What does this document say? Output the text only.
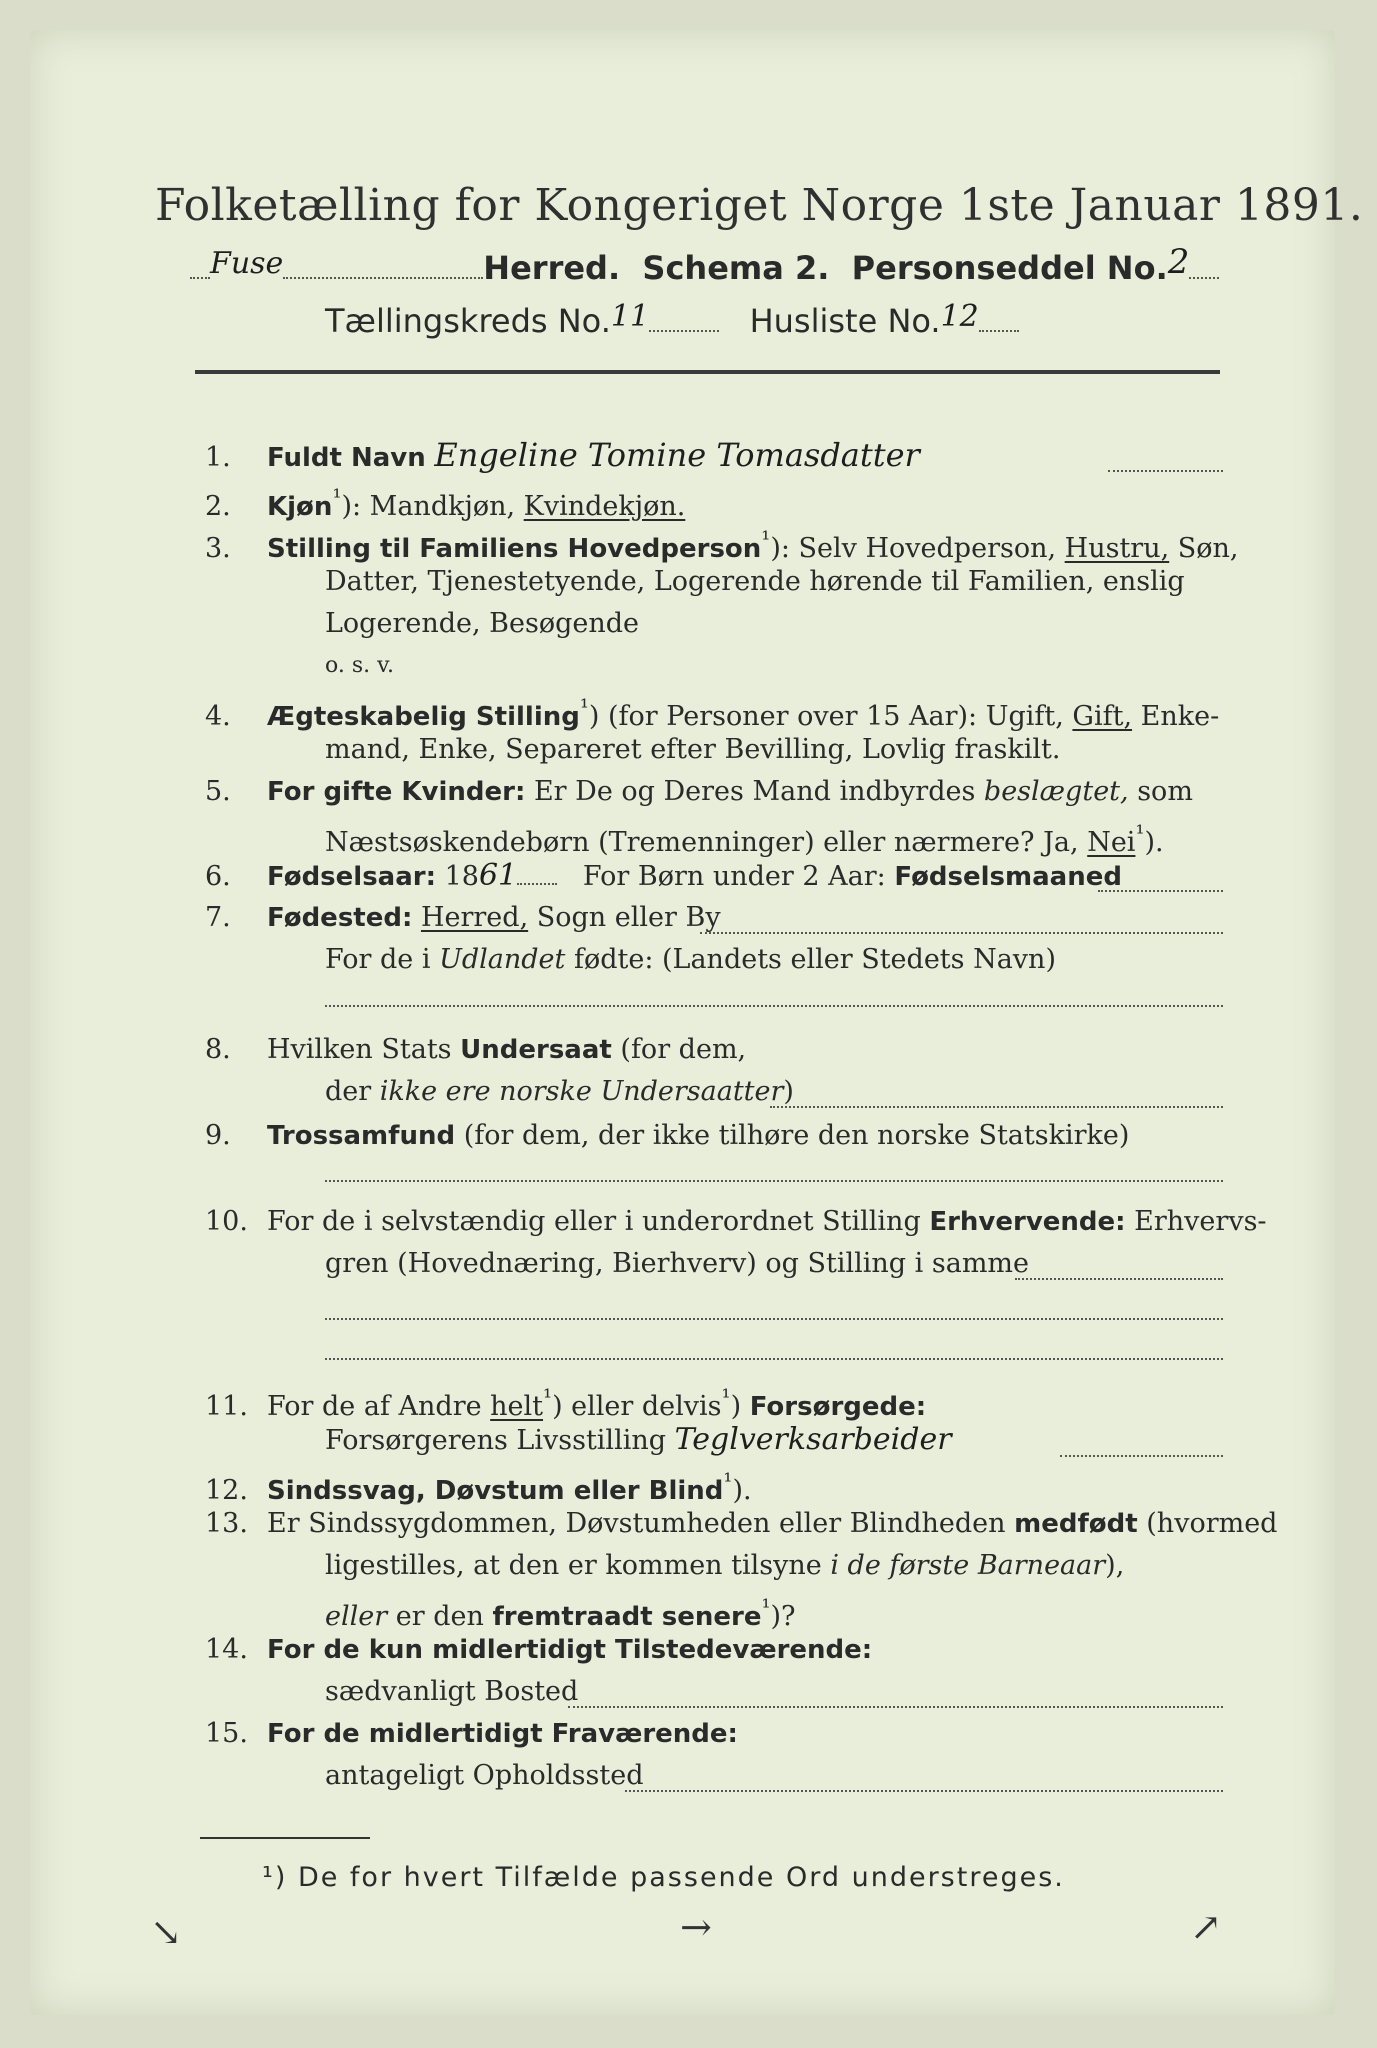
Folketælling for Kongeriget Norge 1ste Januar 1891.
Fuse	Herred. Schema 2. Personseddel No.2
Tællingskreds No.11	Husliste No.12
1. Fuldt Navn Engeline Tomine Tomasdatter
2. Kjøn$^{^1}$): Mandkjøn, Kvindekjøn.
3. Stilling til Familiens Hovedperson$^{^1}$): Selv Hovedperson, Hustru, Søn,
Datter, Tjenestetyende, Logerende hørende til Familien, enslig
Logerende, Besøgende
o. s. v.
4. Ægteskabelig Stilling$^{^1}$) (for Personer over 15 Aar): Ugift, Gift, Enke-
mand, Enke, Separeret efter Bevilling, Lovlig fraskilt.
5. For gifte Kvinder: Er De og Deres Mand indbyrdes beslægtet, som
Næstsøskendebørn (Tremenninger) eller nærmere? Ja, Nei$^{^1}$).
6. Fødselsaar: 1861 For Børn under 2 Aar: Fødselsmaaned
7. Fødested: Herred, Sogn eller By
For de i Udlandet fødte: (Landets eller Stedets Navn)
8. Hvilken Stats Undersaat (for dem,
der ikke ere norske Undersaatter)
9. Trossamfund (for dem, der ikke tilhøre den norske Statskirke)
10. For de i selvstændig eller i underordnet Stilling Erhvervende: Erhvervs-
gren (Hovednæring, Bierhverv) og Stilling i samme
11. For de af Andre helt$^{^1}$) eller delvis$^{^1}$) Forsørgede:
Forsørgerens Livsstilling Teglverksarbeider
12. Sindssvag, Døvstum eller Blind$^{^1}$).
13. Er Sindssygdommen, Døvstumheden eller Blindheden medfødt (hvormed
ligestilles, at den er kommen tilsyne i de første Barneaar),
eller er den fremtraadt senere$^{^1}$)?
14. For de kun midlertidigt Tilstedeværende:
sædvanligt Bosted
15. For de midlertidigt Fraværende:
antageligt Opholdssted
¹) De for hvert Tilfælde passende Ord understreges.
↘	→	↗
